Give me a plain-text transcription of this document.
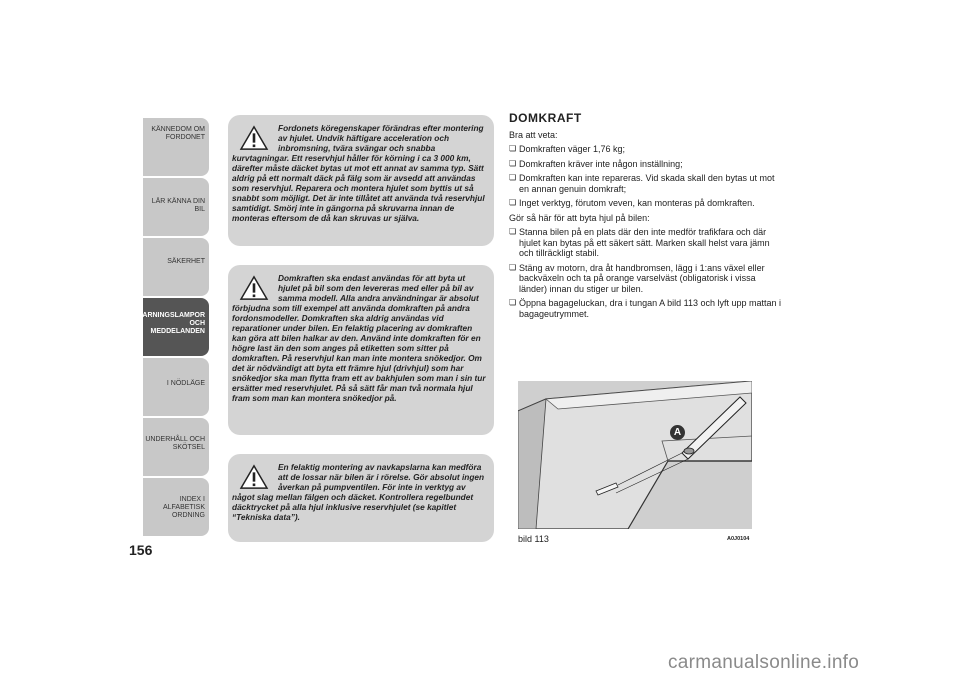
KÄNNEDOM OM
FORDONET
LÄR KÄNNA DIN BIL
SÄKERHET
VARNINGSLAMPOR
OCH
MEDDELANDEN
I NÖDLÄGE
UNDERHÅLL OCH
SKÖTSEL
INDEX I ALFABETISK
ORDNING
156

Fordonets köregenskaper förändras efter montering av hjulet. Undvik häftigare acceleration och inbromsning, tvära svängar och snabba kurvtagningar. Ett reservhjul håller för körning i ca 3 000 km, därefter måste däcket bytas ut mot ett annat av samma typ. Sätt aldrig på ett normalt däck på fälg som är avsedd att användas som reservhjul. Reparera och montera hjulet som byttis ut så snabbt som möjligt. Det är inte tillåtet att använda två reservhjul samtidigt. Smörj inte in gängorna på skruvarna innan de monteras eftersom de då kan skruvas ur själva.

Domkraften ska endast användas för att byta ut hjulet på bil som den levereras med eller på bil av samma modell. Alla andra användningar är absolut förbjudna som till exempel att använda domkraften på andra fordonsmodeller. Domkraften ska aldrig användas vid reparationer under bilen. En felaktig placering av domkraften kan göra att bilen halkar av den. Använd inte domkraften för en högre last än den som anges på etiketten som sitter på domkraften. På reservhjul kan man inte montera snökedjor. Om det är nödvändigt att byta ett främre hjul (drivhjul) som har snökedjor ska man flytta fram ett av bakhjulen som man i sin tur ersätter med reservhjulet. På så sätt får man två normala hjul fram som man kan montera snökedjor på.

En felaktig montering av navkapslarna kan medföra att de lossar när bilen är i rörelse. Gör absolut ingen åverkan på pumpventilen. För inte in verktyg av något slag mellan fälgen och däcket. Kontrollera regelbundet däcktrycket på alla hjul inklusive reservhjulet (se kapitlet “Tekniska data”).

DOMKRAFT

Bra att veta:

❏ Domkraften väger 1,76 kg;
❏ Domkraften kräver inte någon inställning;
❏ Domkraften kan inte repareras. Vid skada skall den bytas ut mot en annan genuin domkraft;
❏ Inget verktyg, förutom veven, kan monteras på domkraften.

Gör så här för att byta hjul på bilen:

❏ Stanna bilen på en plats där den inte medför trafikfara och där hjulet kan bytas på ett säkert sätt. Marken skall helst vara jämn och tillräckligt stabil.
❏ Stäng av motorn, dra åt handbromsen, lägg i 1:ans växel eller backväxeln och ta på orange varselväst (obligatorisk i vissa länder) innan du stiger ur bilen.
❏ Öppna bagageluckan, dra i tungan A bild 113 och lyft upp mattan i bagageutrymmet.
A
bild 113	A0J0104
carmanualsonline.info
